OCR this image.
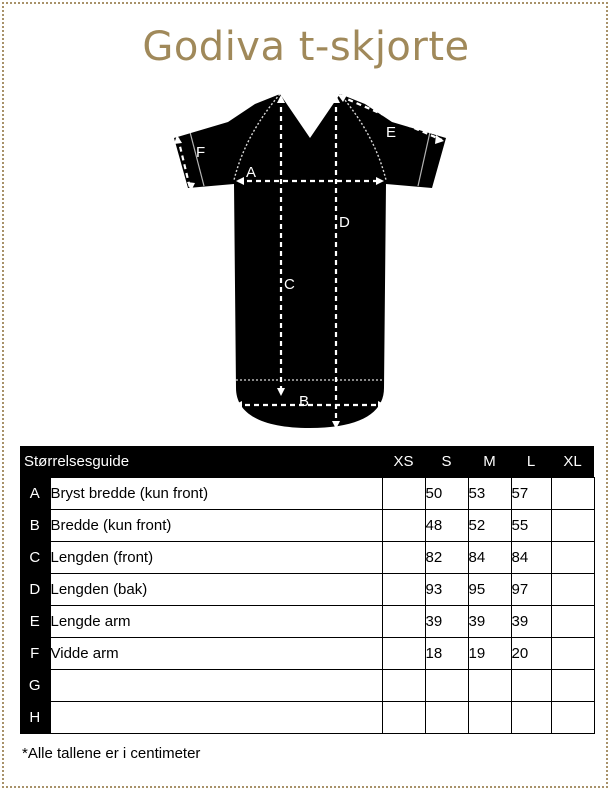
Godiva t-skjorte
A
B
C
D
E
F
Størrelsesguide		XS	S	M	L	XL
A	Bryst bredde (kun front)		50	53	57	
B	Bredde (kun front)		48	52	55	
C	Lengden (front)		82	84	84	
D	Lengden (bak)		93	95	97	
E	Lengde arm		39	39	39	
F	Vidde arm		18	19	20	
G						
H						
*Alle tallene er i centimeter
